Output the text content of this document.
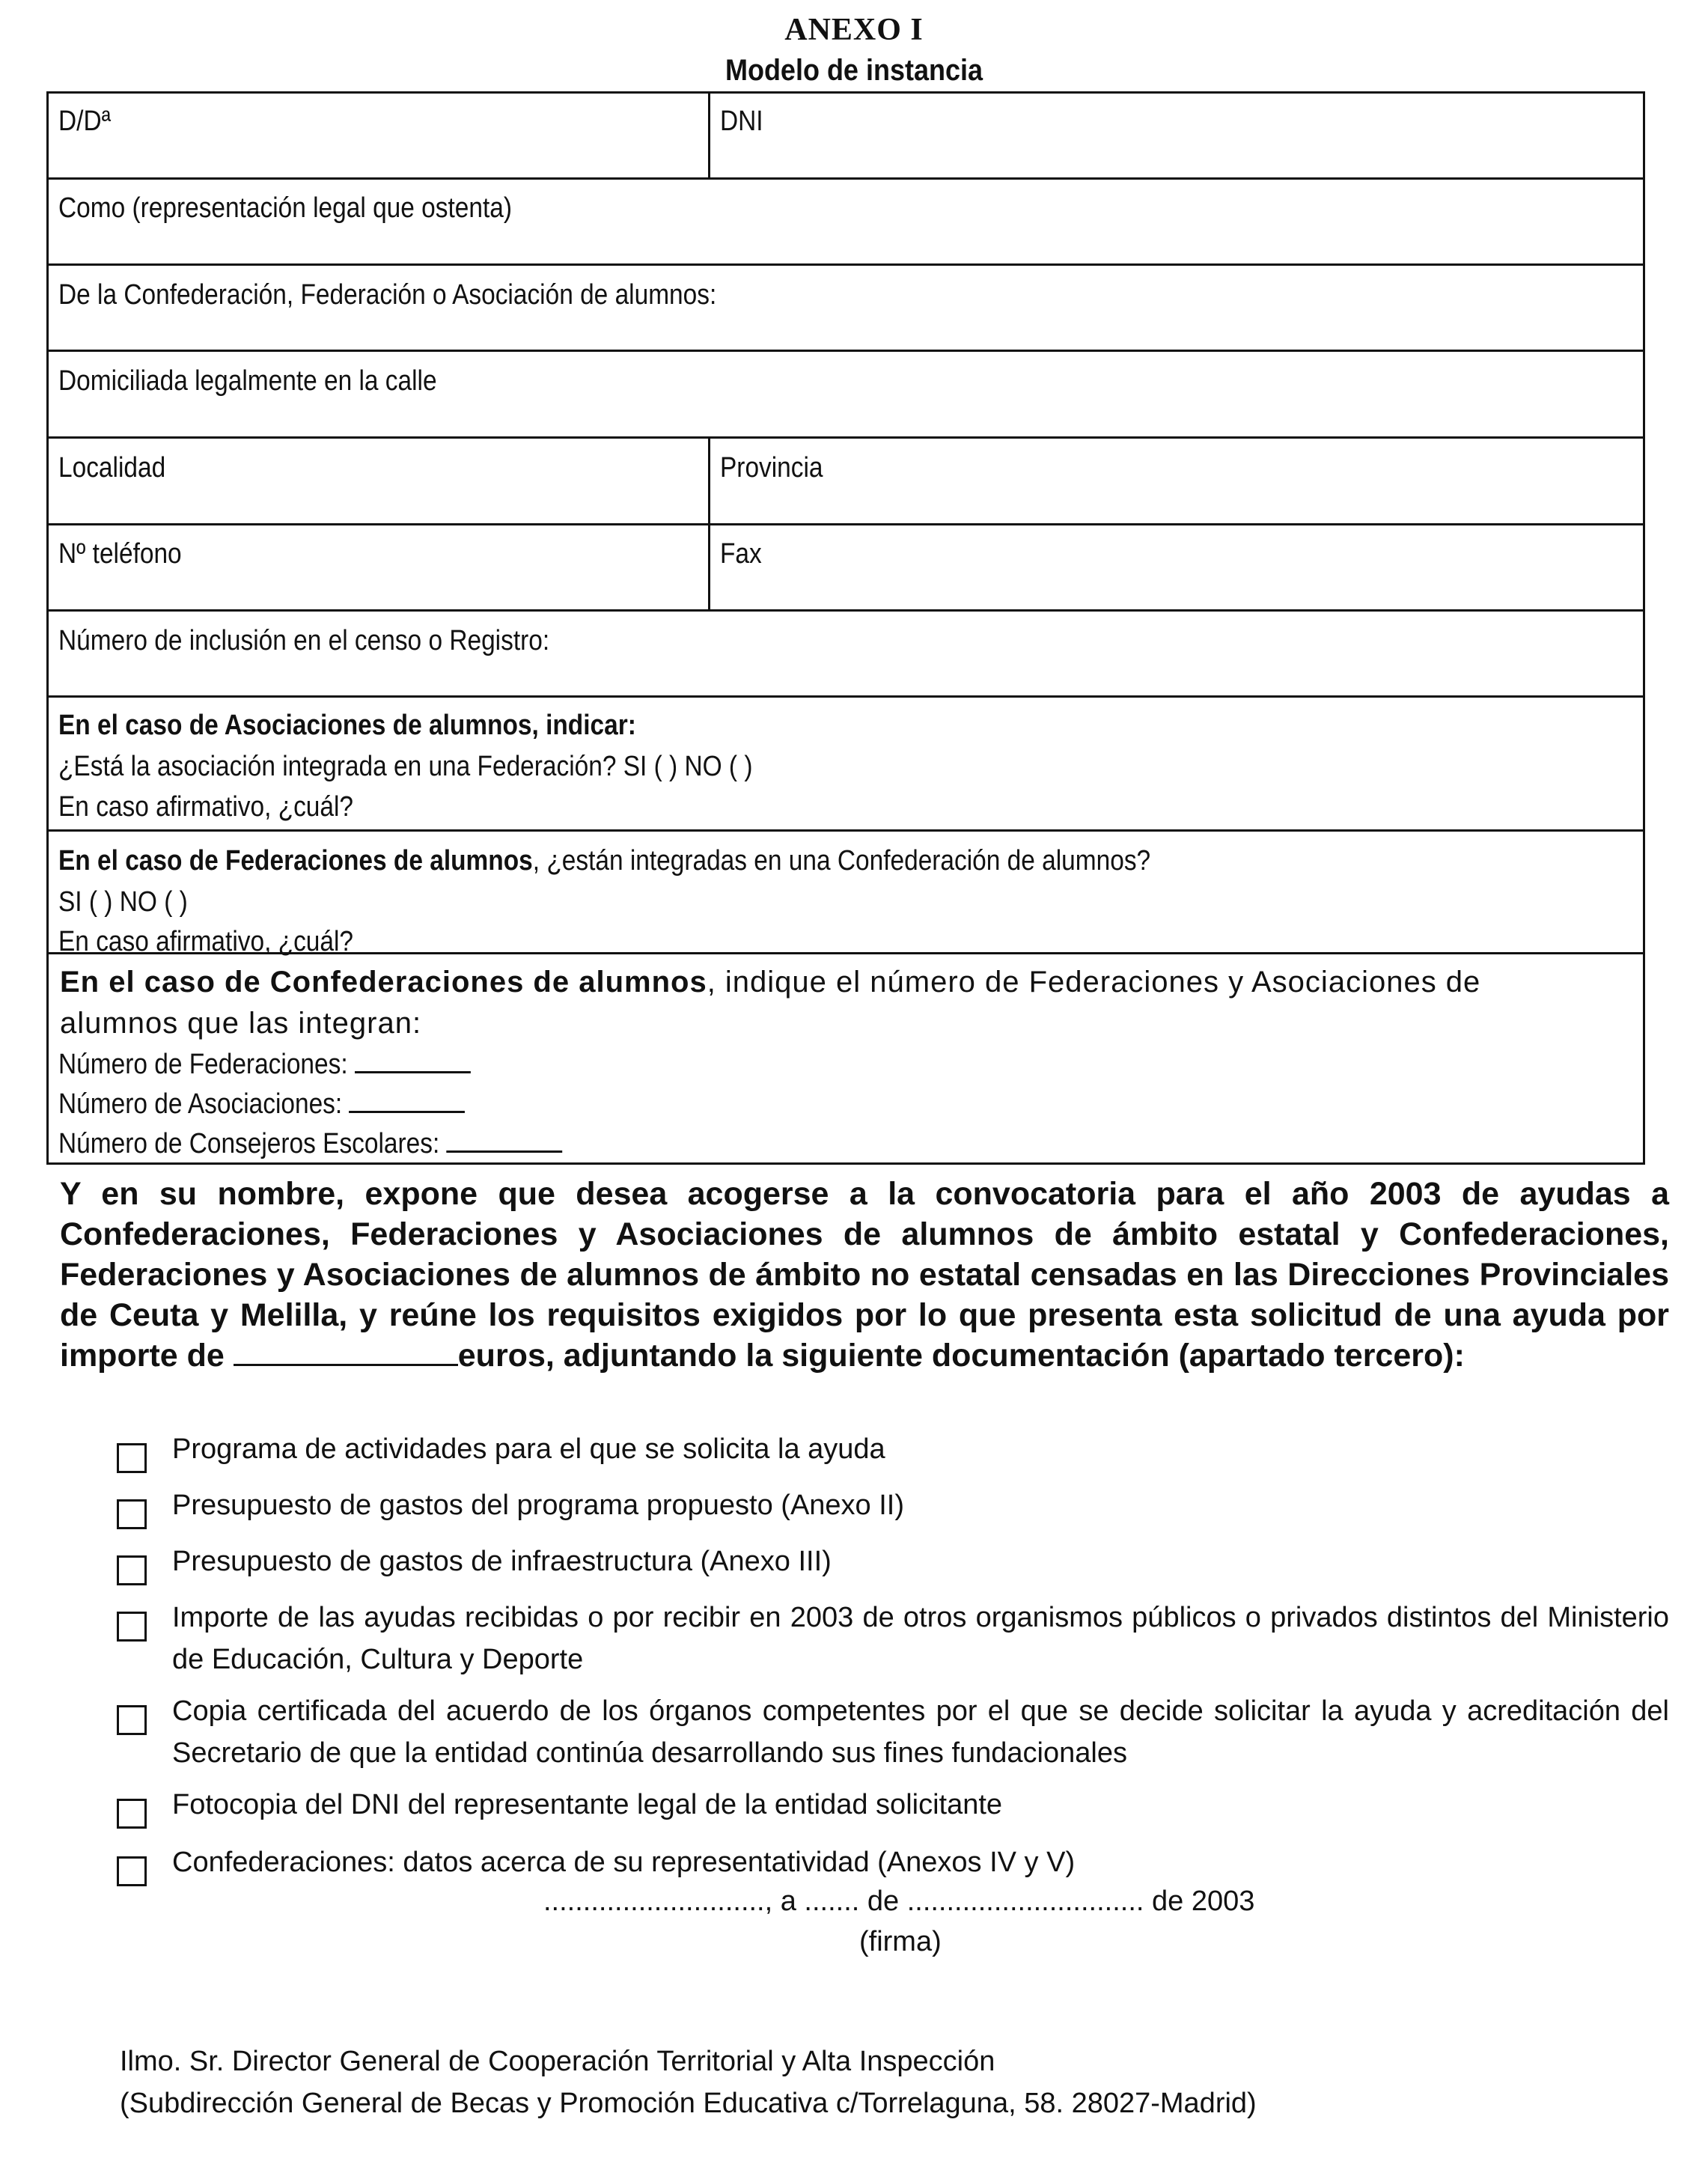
ANEXO I
Modelo de instancia
D/Dª	DNI
Como (representación legal que ostenta)
De la Confederación, Federación o Asociación de alumnos:
Domiciliada legalmente en la calle
Localidad	Provincia
Nº teléfono	Fax
Número de inclusión en el censo o Registro:
En el caso de Asociaciones de alumnos, indicar:
¿Está la asociación integrada en una Federación? SI ( ) NO ( )
En caso afirmativo, ¿cuál?
En el caso de Federaciones de alumnos, ¿están integradas en una Confederación de alumnos?
SI ( ) NO ( )
En caso afirmativo, ¿cuál?
En el caso de Confederaciones de alumnos, indique el número de Federaciones y Asociaciones de
alumnos que las integran:
Número de Federaciones:
Número de Asociaciones:
Número de Consejeros Escolares:
Y en su nombre, expone que desea acogerse a la convocatoria para el año 2003 de ayudas a Confederaciones, Federaciones y Asociaciones de alumnos de ámbito estatal y Confederaciones, Federaciones y Asociaciones de alumnos de ámbito no estatal censadas en las Direcciones Provinciales de Ceuta y Melilla, y reúne los requisitos exigidos por lo que presenta esta solicitud de una ayuda por importe de	euros, adjuntando la siguiente documentación (apartado tercero):
Programa de actividades para el que se solicita la ayuda
Presupuesto de gastos del programa propuesto (Anexo II)
Presupuesto de gastos de infraestructura (Anexo III)
Importe de las ayudas recibidas o por recibir en 2003 de otros organismos públicos o privados distintos del Ministerio de Educación, Cultura y Deporte
Copia certificada del acuerdo de los órganos competentes por el que se decide solicitar la ayuda y acreditación del Secretario de que la entidad continúa desarrollando sus fines fundacionales
Fotocopia del DNI del representante legal de la entidad solicitante
Confederaciones: datos acerca de su representatividad (Anexos IV y V)
............................, a ....... de .............................. de 2003
(firma)
Ilmo. Sr. Director General de Cooperación Territorial y Alta Inspección
(Subdirección General de Becas y Promoción Educativa c/Torrelaguna, 58. 28027-Madrid)
